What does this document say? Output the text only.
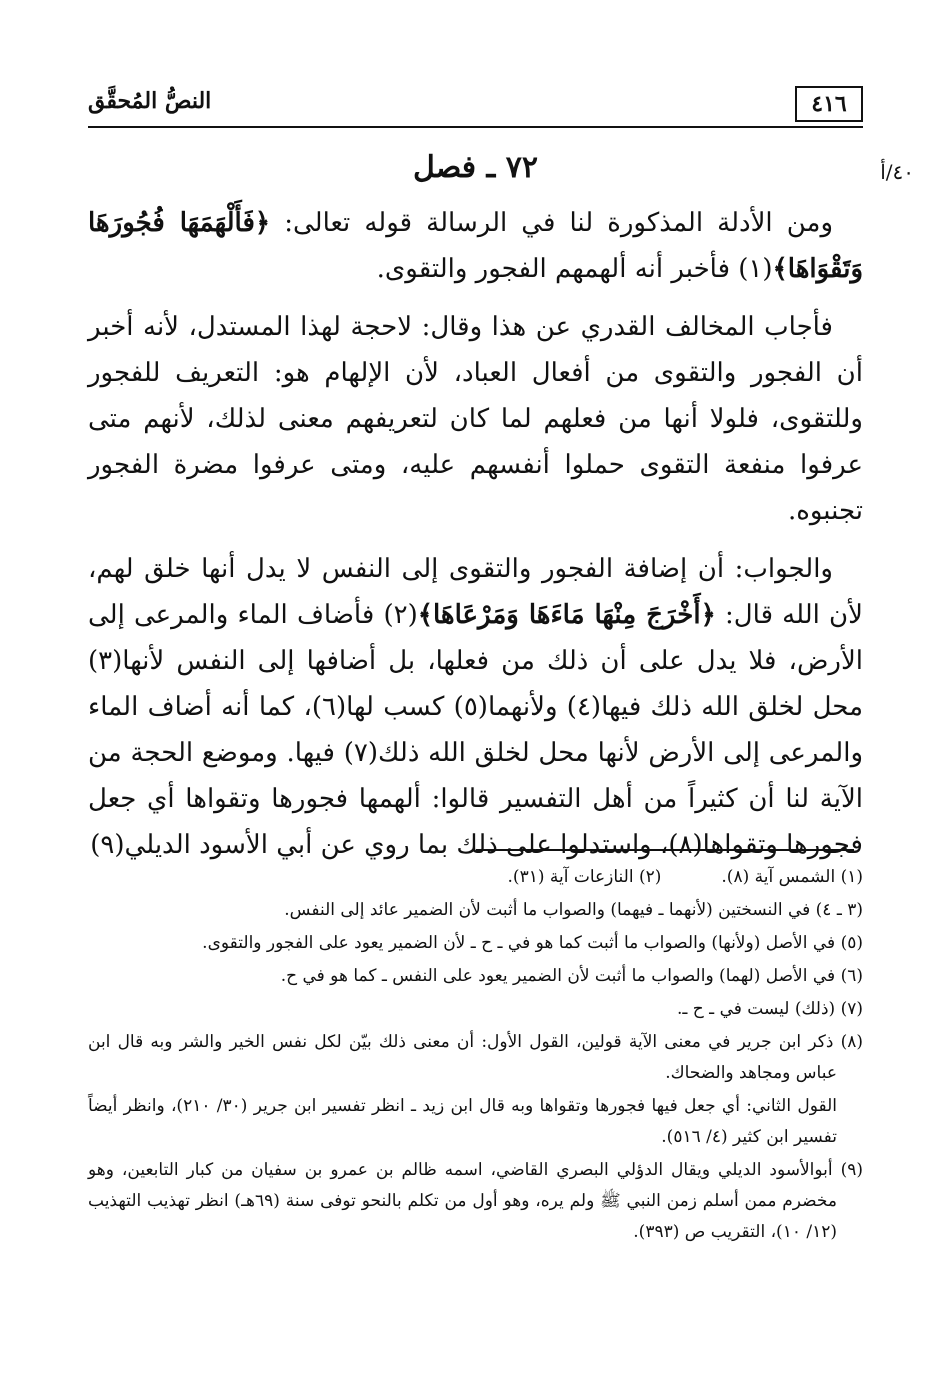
٤١٦
النصُّ المُحقَّق
٤٠/أ
٧٢ ـ فصل

ومن الأدلة المذكورة لنا في الرسالة قوله تعالى: ﴿فَأَلْهَمَهَا فُجُورَهَا وَتَقْوَاهَا﴾(١) فأخبر أنه ألهمهم الفجور والتقوى.

فأجاب المخالف القدري عن هذا وقال: لاحجة لهذا المستدل، لأنه أخبر أن الفجور والتقوى من أفعال العباد، لأن الإلهام هو: التعريف للفجور وللتقوى، فلولا أنها من فعلهم لما كان لتعريفهم معنى لذلك، لأنهم متى عرفوا منفعة التقوى حملوا أنفسهم عليه، ومتى عرفوا مضرة الفجور تجنبوه.

والجواب: أن إضافة الفجور والتقوى إلى النفس لا يدل أنها خلق لهم، لأن الله قال: ﴿أَخْرَجَ مِنْهَا مَاءَهَا وَمَرْعَاهَا﴾(٢) فأضاف الماء والمرعى إلى الأرض، فلا يدل على أن ذلك من فعلها، بل أضافها إلى النفس لأنها(٣) محل لخلق الله ذلك فيها(٤) ولأنهما(٥) كسب لها(٦)، كما أنه أضاف الماء والمرعى إلى الأرض لأنها محل لخلق الله ذلك(٧) فيها. وموضع الحجة من الآية لنا أن كثيراً من أهل التفسير قالوا: ألهمها فجورها وتقواها أي جعل فجورها وتقواها(٨)، واستدلوا على ذلك بما روي عن أبي الأسود الديلي(٩)

(١) الشمس آية (٨).(٢) النازعات آية (٣١).
(٣ ـ ٤) في النسختين (لأنهما ـ فيهما) والصواب ما أثبت لأن الضمير عائد إلى النفس.
(٥) في الأصل (ولأنها) والصواب ما أثبت كما هو في ـ ح ـ لأن الضمير يعود على الفجور والتقوى.
(٦) في الأصل (لهما) والصواب ما أثبت لأن الضمير يعود على النفس ـ كما هو في ح.
(٧) (ذلك) ليست في ـ ح ـ.
(٨) ذكر ابن جرير في معنى الآية قولين، القول الأول: أن معنى ذلك بيّن لكل نفس الخير والشر وبه قال ابن عباس ومجاهد والضحاك.
القول الثاني: أي جعل فيها فجورها وتقواها وبه قال ابن زيد ـ انظر تفسير ابن جرير (٣٠/ ٢١٠)، وانظر أيضاً تفسير ابن كثير (٤/ ٥١٦).
(٩) أبوالأسود الديلي ويقال الدؤلي البصري القاضي، اسمه ظالم بن عمرو بن سفيان من كبار التابعين، وهو مخضرم ممن أسلم زمن النبي ﷺ ولم يره، وهو أول من تكلم بالنحو توفى سنة (٦٩هـ) انظر تهذيب التهذيب (١٢/ ١٠)، التقريب ص (٣٩٣).
